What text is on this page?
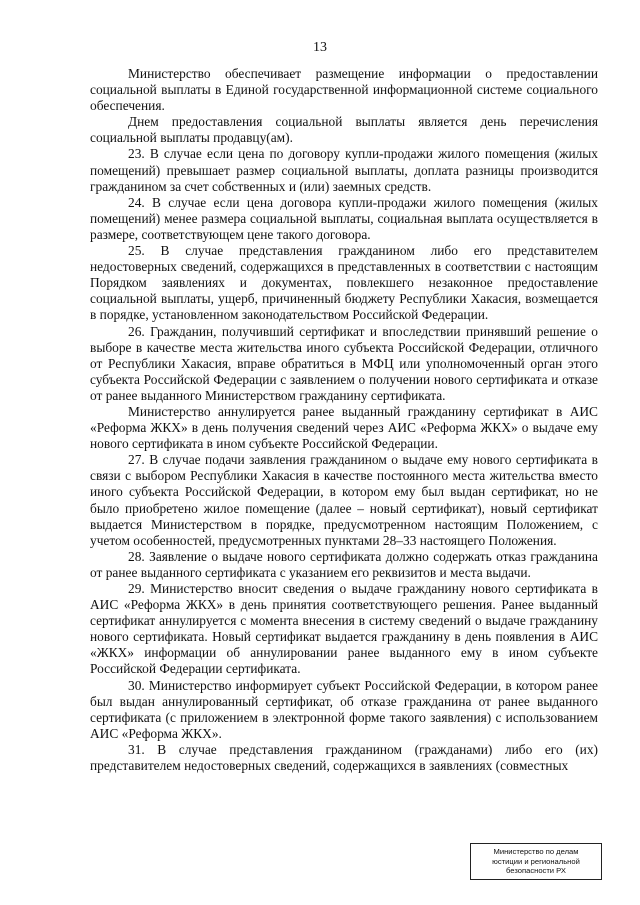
13

Министерство обеспечивает размещение информации о предоставлении социальной выплаты в Единой государственной информационной системе социального обеспечения.

Днем предоставления социальной выплаты является день перечисления социальной выплаты продавцу(ам).

23. В случае если цена по договору купли-продажи жилого помещения (жилых помещений) превышает размер социальной выплаты, доплата разницы производится гражданином за счет собственных и (или) заемных средств.

24. В случае если цена договора купли-продажи жилого помещения (жилых помещений) менее размера социальной выплаты, социальная выплата осуществляется в размере, соответствующем цене такого договора.

25. В случае представления гражданином либо его представителем недостоверных сведений, содержащихся в представленных в соответствии с настоящим Порядком заявлениях и документах, повлекшего незаконное предоставление социальной выплаты, ущерб, причиненный бюджету Республики Хакасия, возмещается в порядке, установленном законодательством Российской Федерации.

26. Гражданин, получивший сертификат и впоследствии принявший решение о выборе в качестве места жительства иного субъекта Российской Федерации, отличного от Республики Хакасия, вправе обратиться в МФЦ или уполномоченный орган этого субъекта Российской Федерации с заявлением о получении нового сертификата и отказе от ранее выданного Министерством гражданину сертификата.

Министерство аннулируется ранее выданный гражданину сертификат в АИС «Реформа ЖКХ» в день получения сведений через АИС «Реформа ЖКХ» о выдаче ему нового сертификата в ином субъекте Российской Федерации.

27. В случае подачи заявления гражданином о выдаче ему нового сертификата в связи с выбором Республики Хакасия в качестве постоянного места жительства вместо иного субъекта Российской Федерации, в котором ему был выдан сертификат, но не было приобретено жилое помещение (далее – новый сертификат), новый сертификат выдается Министерством в порядке, предусмотренном настоящим Положением, с учетом особенностей, предусмотренных пунктами 28–33 настоящего Положения.

28. Заявление о выдаче нового сертификата должно содержать отказ гражданина от ранее выданного сертификата с указанием его реквизитов и места выдачи.

29. Министерство вносит сведения о выдаче гражданину нового сертификата в АИС «Реформа ЖКХ» в день принятия соответствующего решения. Ранее выданный сертификат аннулируется с момента внесения в систему сведений о выдаче гражданину нового сертификата. Новый сертификат выдается гражданину в день появления в АИС «ЖКХ» информации об аннулировании ранее выданного ему в ином субъекте Российской Федерации сертификата.

30. Министерство информирует субъект Российской Федерации, в котором ранее был выдан аннулированный сертификат, об отказе гражданина от ранее выданного сертификата (с приложением в электронной форме такого заявления) с использованием АИС «Реформа ЖКХ».

31. В случае представления гражданином (гражданами) либо его (их) представителем недостоверных сведений, содержащихся в заявлениях (совместных

Министерство по делам
юстиции и региональной
безопасности РХ
